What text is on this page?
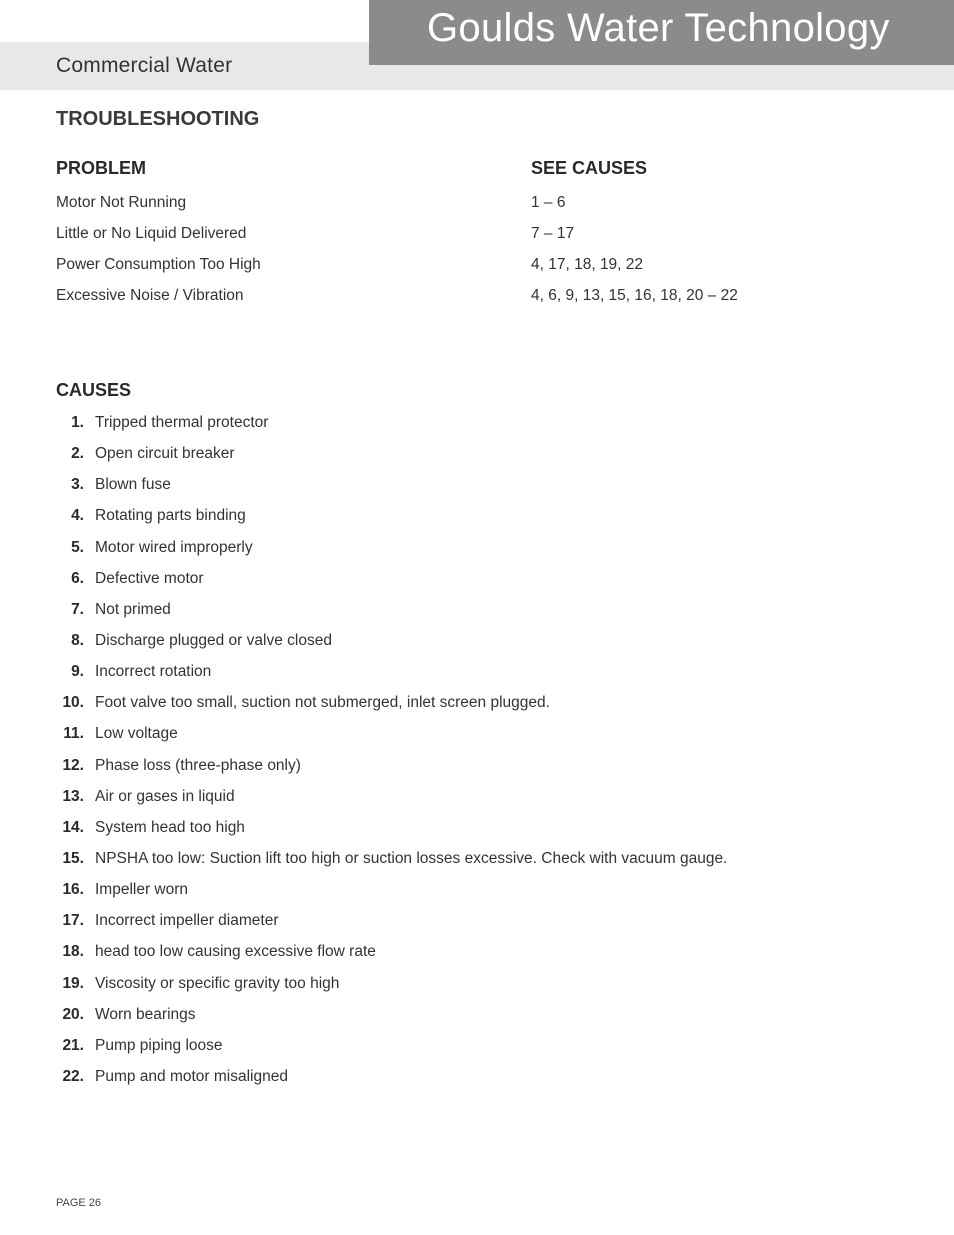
Commercial Water
Goulds Water Technology
TROUBLESHOOTING
PROBLEM	SEE CAUSES
Motor Not Running	1 – 6
Little or No Liquid Delivered	7 – 17
Power Consumption Too High	4, 17, 18, 19, 22
Excessive Noise / Vibration	4, 6, 9, 13, 15, 16, 18, 20 – 22
CAUSES
1. Tripped thermal protector
2. Open circuit breaker
3. Blown fuse
4. Rotating parts binding
5. Motor wired improperly
6. Defective motor
7. Not primed
8. Discharge plugged or valve closed
9. Incorrect rotation
10. Foot valve too small, suction not submerged, inlet screen plugged.
11. Low voltage
12. Phase loss (three-phase only)
13. Air or gases in liquid
14. System head too high
15. NPSHA too low: Suction lift too high or suction losses excessive. Check with vacuum gauge.
16. Impeller worn
17. Incorrect impeller diameter
18. head too low causing excessive flow rate
19. Viscosity or specific gravity too high
20. Worn bearings
21. Pump piping loose
22. Pump and motor misaligned
PAGE 26
